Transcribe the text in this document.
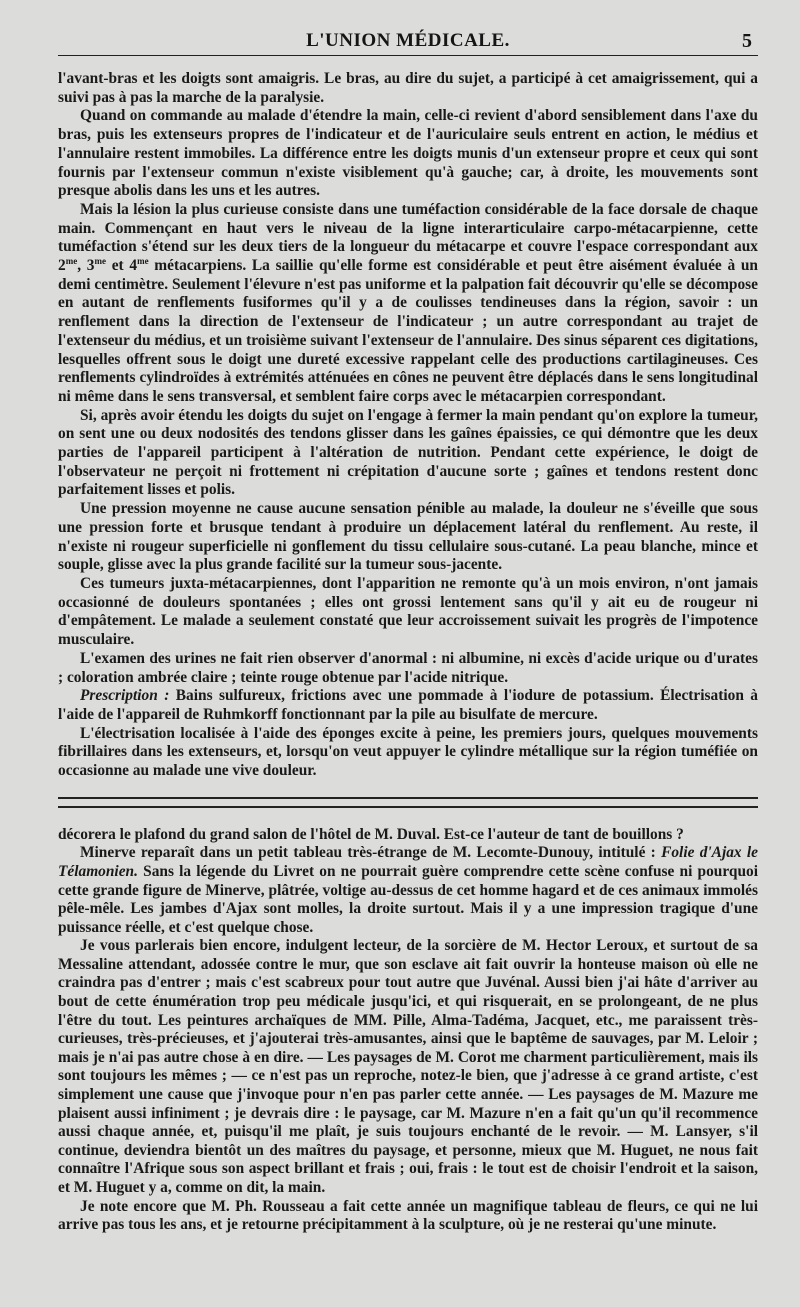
L'UNION MÉDICALE.	5

l'avant-bras et les doigts sont amaigris. Le bras, au dire du sujet, a participé à cet amaigrissement, qui a suivi pas à pas la marche de la paralysie.

Quand on commande au malade d'étendre la main, celle-ci revient d'abord sensiblement dans l'axe du bras, puis les extenseurs propres de l'indicateur et de l'auriculaire seuls entrent en action, le médius et l'annulaire restent immobiles. La différence entre les doigts munis d'un extenseur propre et ceux qui sont fournis par l'extenseur commun n'existe visiblement qu'à gauche; car, à droite, les mouvements sont presque abolis dans les uns et les autres.

Mais la lésion la plus curieuse consiste dans une tuméfaction considérable de la face dorsale de chaque main. Commençant en haut vers le niveau de la ligne interarticulaire carpo-métacarpienne, cette tuméfaction s'étend sur les deux tiers de la longueur du métacarpe et couvre l'espace correspondant aux $2^{me}$, $3^{me}$ et $4^{me}$ métacarpiens. La saillie qu'elle forme est considérable et peut être aisément évaluée à un demi centimètre. Seulement l'élevure n'est pas uniforme et la palpation fait découvrir qu'elle se décompose en autant de renflements fusiformes qu'il y a de coulisses tendineuses dans la région, savoir : un renflement dans la direction de l'extenseur de l'indicateur ; un autre correspondant au trajet de l'extenseur du médius, et un troisième suivant l'extenseur de l'annulaire. Des sinus séparent ces digitations, lesquelles offrent sous le doigt une dureté excessive rappelant celle des productions cartilagineuses. Ces renflements cylindroïdes à extrémités atténuées en cônes ne peuvent être déplacés dans le sens longitudinal ni même dans le sens transversal, et semblent faire corps avec le métacarpien correspondant.

Si, après avoir étendu les doigts du sujet on l'engage à fermer la main pendant qu'on explore la tumeur, on sent une ou deux nodosités des tendons glisser dans les gaînes épaissies, ce qui démontre que les deux parties de l'appareil participent à l'altération de nutrition. Pendant cette expérience, le doigt de l'observateur ne perçoit ni frottement ni crépitation d'aucune sorte ; gaînes et tendons restent donc parfaitement lisses et polis.

Une pression moyenne ne cause aucune sensation pénible au malade, la douleur ne s'éveille que sous une pression forte et brusque tendant à produire un déplacement latéral du renflement. Au reste, il n'existe ni rougeur superficielle ni gonflement du tissu cellulaire sous-cutané. La peau blanche, mince et souple, glisse avec la plus grande facilité sur la tumeur sous-jacente.

Ces tumeurs juxta-métacarpiennes, dont l'apparition ne remonte qu'à un mois environ, n'ont jamais occasionné de douleurs spontanées ; elles ont grossi lentement sans qu'il y ait eu de rougeur ni d'empâtement. Le malade a seulement constaté que leur accroissement suivait les progrès de l'impotence musculaire.

L'examen des urines ne fait rien observer d'anormal : ni albumine, ni excès d'acide urique ou d'urates ; coloration ambrée claire ; teinte rouge obtenue par l'acide nitrique.

Prescription : Bains sulfureux, frictions avec une pommade à l'iodure de potassium. Électrisation à l'aide de l'appareil de Ruhmkorff fonctionnant par la pile au bisulfate de mercure.

L'électrisation localisée à l'aide des éponges excite à peine, les premiers jours, quelques mouvements fibrillaires dans les extenseurs, et, lorsqu'on veut appuyer le cylindre métallique sur la région tuméfiée on occasionne au malade une vive douleur.

décorera le plafond du grand salon de l'hôtel de M. Duval. Est-ce l'auteur de tant de bouillons ?

Minerve reparaît dans un petit tableau très-étrange de M. Lecomte-Dunouy, intitulé : Folie d'Ajax le Télamonien. Sans la légende du Livret on ne pourrait guère comprendre cette scène confuse ni pourquoi cette grande figure de Minerve, plâtrée, voltige au-dessus de cet homme hagard et de ces animaux immolés pêle-mêle. Les jambes d'Ajax sont molles, la droite surtout. Mais il y a une impression tragique d'une puissance réelle, et c'est quelque chose.

Je vous parlerais bien encore, indulgent lecteur, de la sorcière de M. Hector Leroux, et surtout de sa Messaline attendant, adossée contre le mur, que son esclave ait fait ouvrir la honteuse maison où elle ne craindra pas d'entrer ; mais c'est scabreux pour tout autre que Juvénal. Aussi bien j'ai hâte d'arriver au bout de cette énumération trop peu médicale jusqu'ici, et qui risquerait, en se prolongeant, de ne plus l'être du tout. Les peintures archaïques de MM. Pille, Alma-Tadéma, Jacquet, etc., me paraissent très-curieuses, très-précieuses, et j'ajouterai très-amusantes, ainsi que le baptême de sauvages, par M. Leloir ; mais je n'ai pas autre chose à en dire. — Les paysages de M. Corot me charment particulièrement, mais ils sont toujours les mêmes ; — ce n'est pas un reproche, notez-le bien, que j'adresse à ce grand artiste, c'est simplement une cause que j'invoque pour n'en pas parler cette année. — Les paysages de M. Mazure me plaisent aussi infiniment ; je devrais dire : le paysage, car M. Mazure n'en a fait qu'un qu'il recommence aussi chaque année, et, puisqu'il me plaît, je suis toujours enchanté de le revoir. — M. Lansyer, s'il continue, deviendra bientôt un des maîtres du paysage, et personne, mieux que M. Huguet, ne nous fait connaître l'Afrique sous son aspect brillant et frais ; oui, frais : le tout est de choisir l'endroit et la saison, et M. Huguet y a, comme on dit, la main.

Je note encore que M. Ph. Rousseau a fait cette année un magnifique tableau de fleurs, ce qui ne lui arrive pas tous les ans, et je retourne précipitamment à la sculpture, où je ne resterai qu'une minute.
